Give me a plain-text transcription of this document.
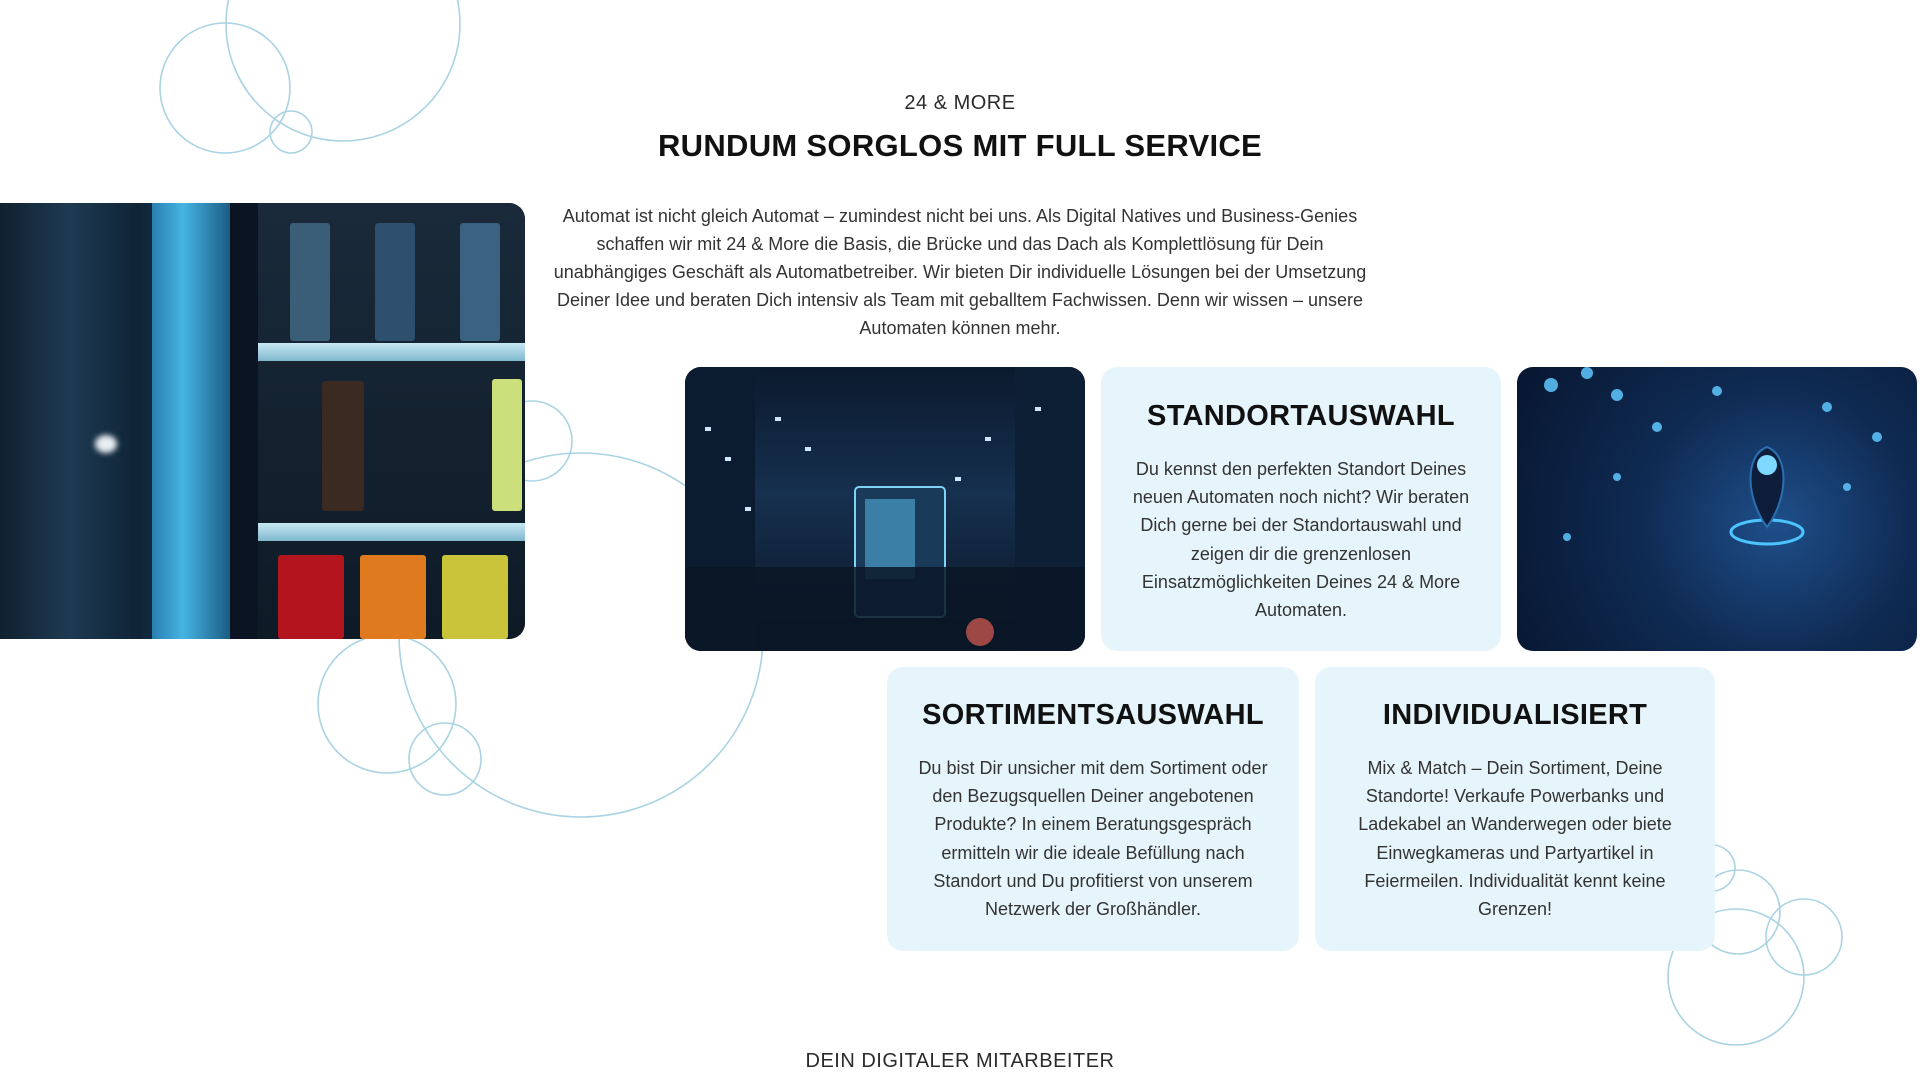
24 & MORE
RUNDUM SORGLOS MIT FULL SERVICE

Automat ist nicht gleich Automat – zumindest nicht bei uns. Als Digital Natives und Business-Genies schaffen wir mit 24 & More die Basis, die Brücke und das Dach als Komplettlösung für Dein unabhängiges Geschäft als Automatbetreiber. Wir bieten Dir individuelle Lösungen bei der Umsetzung Deiner Idee und beraten Dich intensiv als Team mit geballtem Fachwissen. Denn wir wissen – unsere Automaten können mehr.

STANDORTAUSWAHL

Du kennst den perfekten Standort Deines neuen Automaten noch nicht? Wir beraten Dich gerne bei der Standortauswahl und zeigen dir die grenzenlosen Einsatzmöglichkeiten Deines 24 & More Automaten.

SORTIMENTSAUSWAHL

Du bist Dir unsicher mit dem Sortiment oder den Bezugsquellen Deiner angebotenen Produkte? In einem Beratungsgespräch ermitteln wir die ideale Befüllung nach Standort und Du profitierst von unserem Netzwerk der Großhändler.

INDIVIDUALISIERT

Mix & Match – Dein Sortiment, Deine Standorte! Verkaufe Powerbanks und Ladekabel an Wanderwegen oder biete Einwegkameras und Partyartikel in Feiermeilen. Individualität kennt keine Grenzen!

DEIN DIGITALER MITARBEITER
